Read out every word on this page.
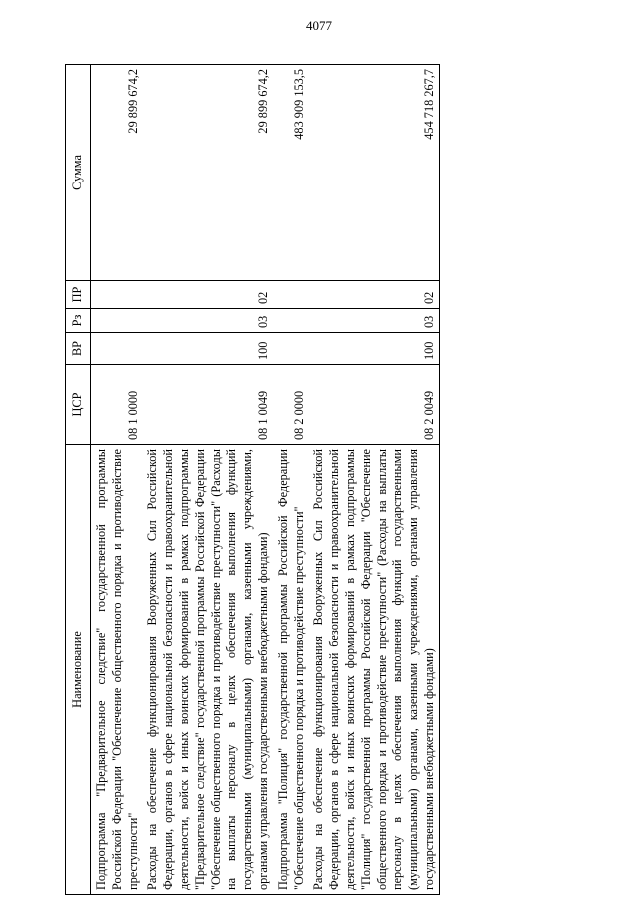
4077
Наименование	ЦСР	ВР	Рз	ПР	Сумма
Подпрограмма "Предварительное следствие" государственной программы Российской Федерации "Обеспечение общественного порядка и противодействие преступности"	08 1 0000				29 899 674,2
Расходы на обеспечение функционирования Вооруженных Сил Российской Федерации, органов в сфере национальной безопасности и правоохранительной деятельности, войск и иных воинских формирований в рамках подпрограммы "Предварительное следствие" государственной программы Российской Федерации "Обеспечение общественного порядка и противодействие преступности" (Расходы на выплаты персоналу в целях обеспечения выполнения функций государственными (муниципальными) органами, казенными учреждениями, органами управления государственными внебюджетными фондами)	08 1 0049	100	03	02	29 899 674,2
Подпрограмма "Полиция" государственной программы Российской Федерации "Обеспечение общественного порядка и противодействие преступности"	08 2 0000				483 909 153,5
Расходы на обеспечение функционирования Вооруженных Сил Российской Федерации, органов в сфере национальной безопасности и правоохранительной деятельности, войск и иных воинских формирований в рамках подпрограммы "Полиция" государственной программы Российской Федерации "Обеспечение общественного порядка и противодействие преступности" (Расходы на выплаты персоналу в целях обеспечения выполнения функций государственными (муниципальными) органами, казенными учреждениями, органами управления государственными внебюджетными фондами)	08 2 0049	100	03	02	454 718 267,7
